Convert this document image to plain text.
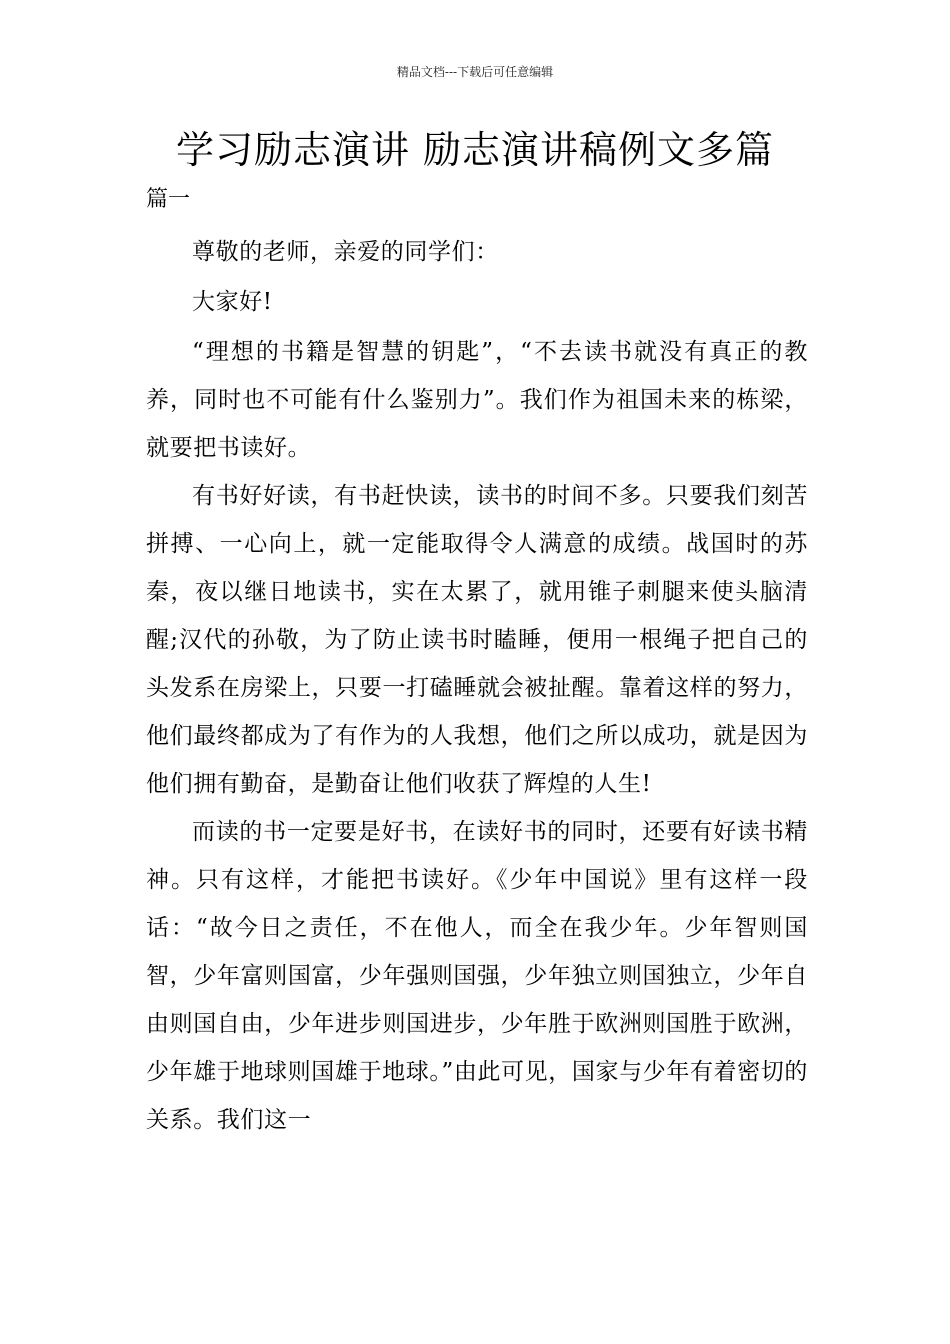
精品文档---下载后可任意编辑
学习励志演讲 励志演讲稿例文多篇
篇一

尊敬的老师，亲爱的同学们：

大家好!

“理想的书籍是智慧的钥匙”，“不去读书就没有真正的教养，同时也不可能有什么鉴别力”。我们作为祖国未来的栋梁，就要把书读好。

有书好好读，有书赶快读，读书的时间不多。只要我们刻苦拼搏、一心向上，就一定能取得令人满意的成绩。战国时的苏秦，夜以继日地读书，实在太累了，就用锥子刺腿来使头脑清醒;汉代的孙敬，为了防止读书时瞌睡，便用一根绳子把自己的头发系在房梁上，只要一打磕睡就会被扯醒。靠着这样的努力，他们最终都成为了有作为的人我想，他们之所以成功，就是因为他们拥有勤奋，是勤奋让他们收获了辉煌的人生!

而读的书一定要是好书，在读好书的同时，还要有好读书精神。只有这样，才能把书读好。《少年中国说》里有这样一段话：“故今日之责任，不在他人，而全在我少年。少年智则国智，少年富则国富，少年强则国强，少年独立则国独立，少年自由则国自由，少年进步则国进步，少年胜于欧洲则国胜于欧洲，少年雄于地球则国雄于地球。”由此可见，国家与少年有着密切的关系。我们这一
